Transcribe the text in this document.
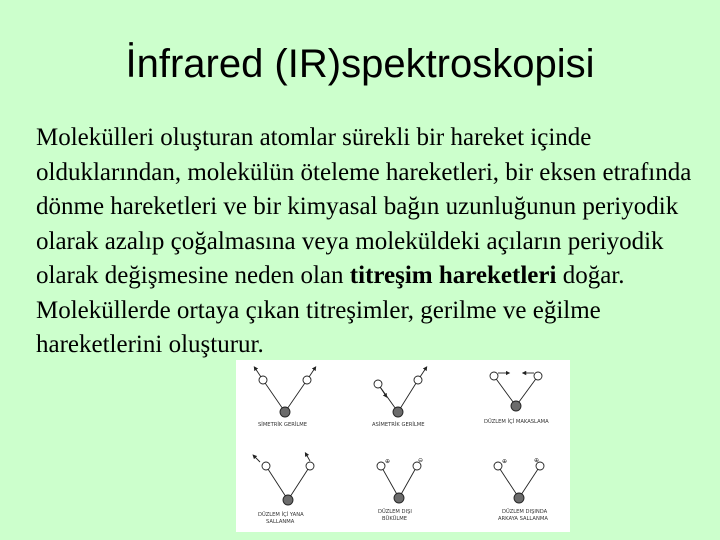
İnfrared (IR)spektroskopisi

Molekülleri oluşturan atomlar sürekli bir hareket içinde olduklarından, molekülün öteleme hareketleri, bir eksen etrafında dönme hareketleri ve bir kimyasal bağın uzunluğunun periyodik olarak azalıp çoğalmasına veya moleküldeki açıların periyodik olarak değişmesine neden olan titreşim hareketleri doğar. Moleküllerde ortaya çıkan titreşimler, gerilme ve eğilme hareketlerini oluşturur.

SİMETRİK GERİLME	ASİMETRİK GERİLME	DÜZLEM İÇİ MAKASLAMA
DÜZLEM İÇİ YANA
SALLANMA
⊕	⊖
DÜZLEM DIŞI
BÜKÜLME
⊕	⊕
DÜZLEM DIŞINDA
ARKAYA SALLANMA
